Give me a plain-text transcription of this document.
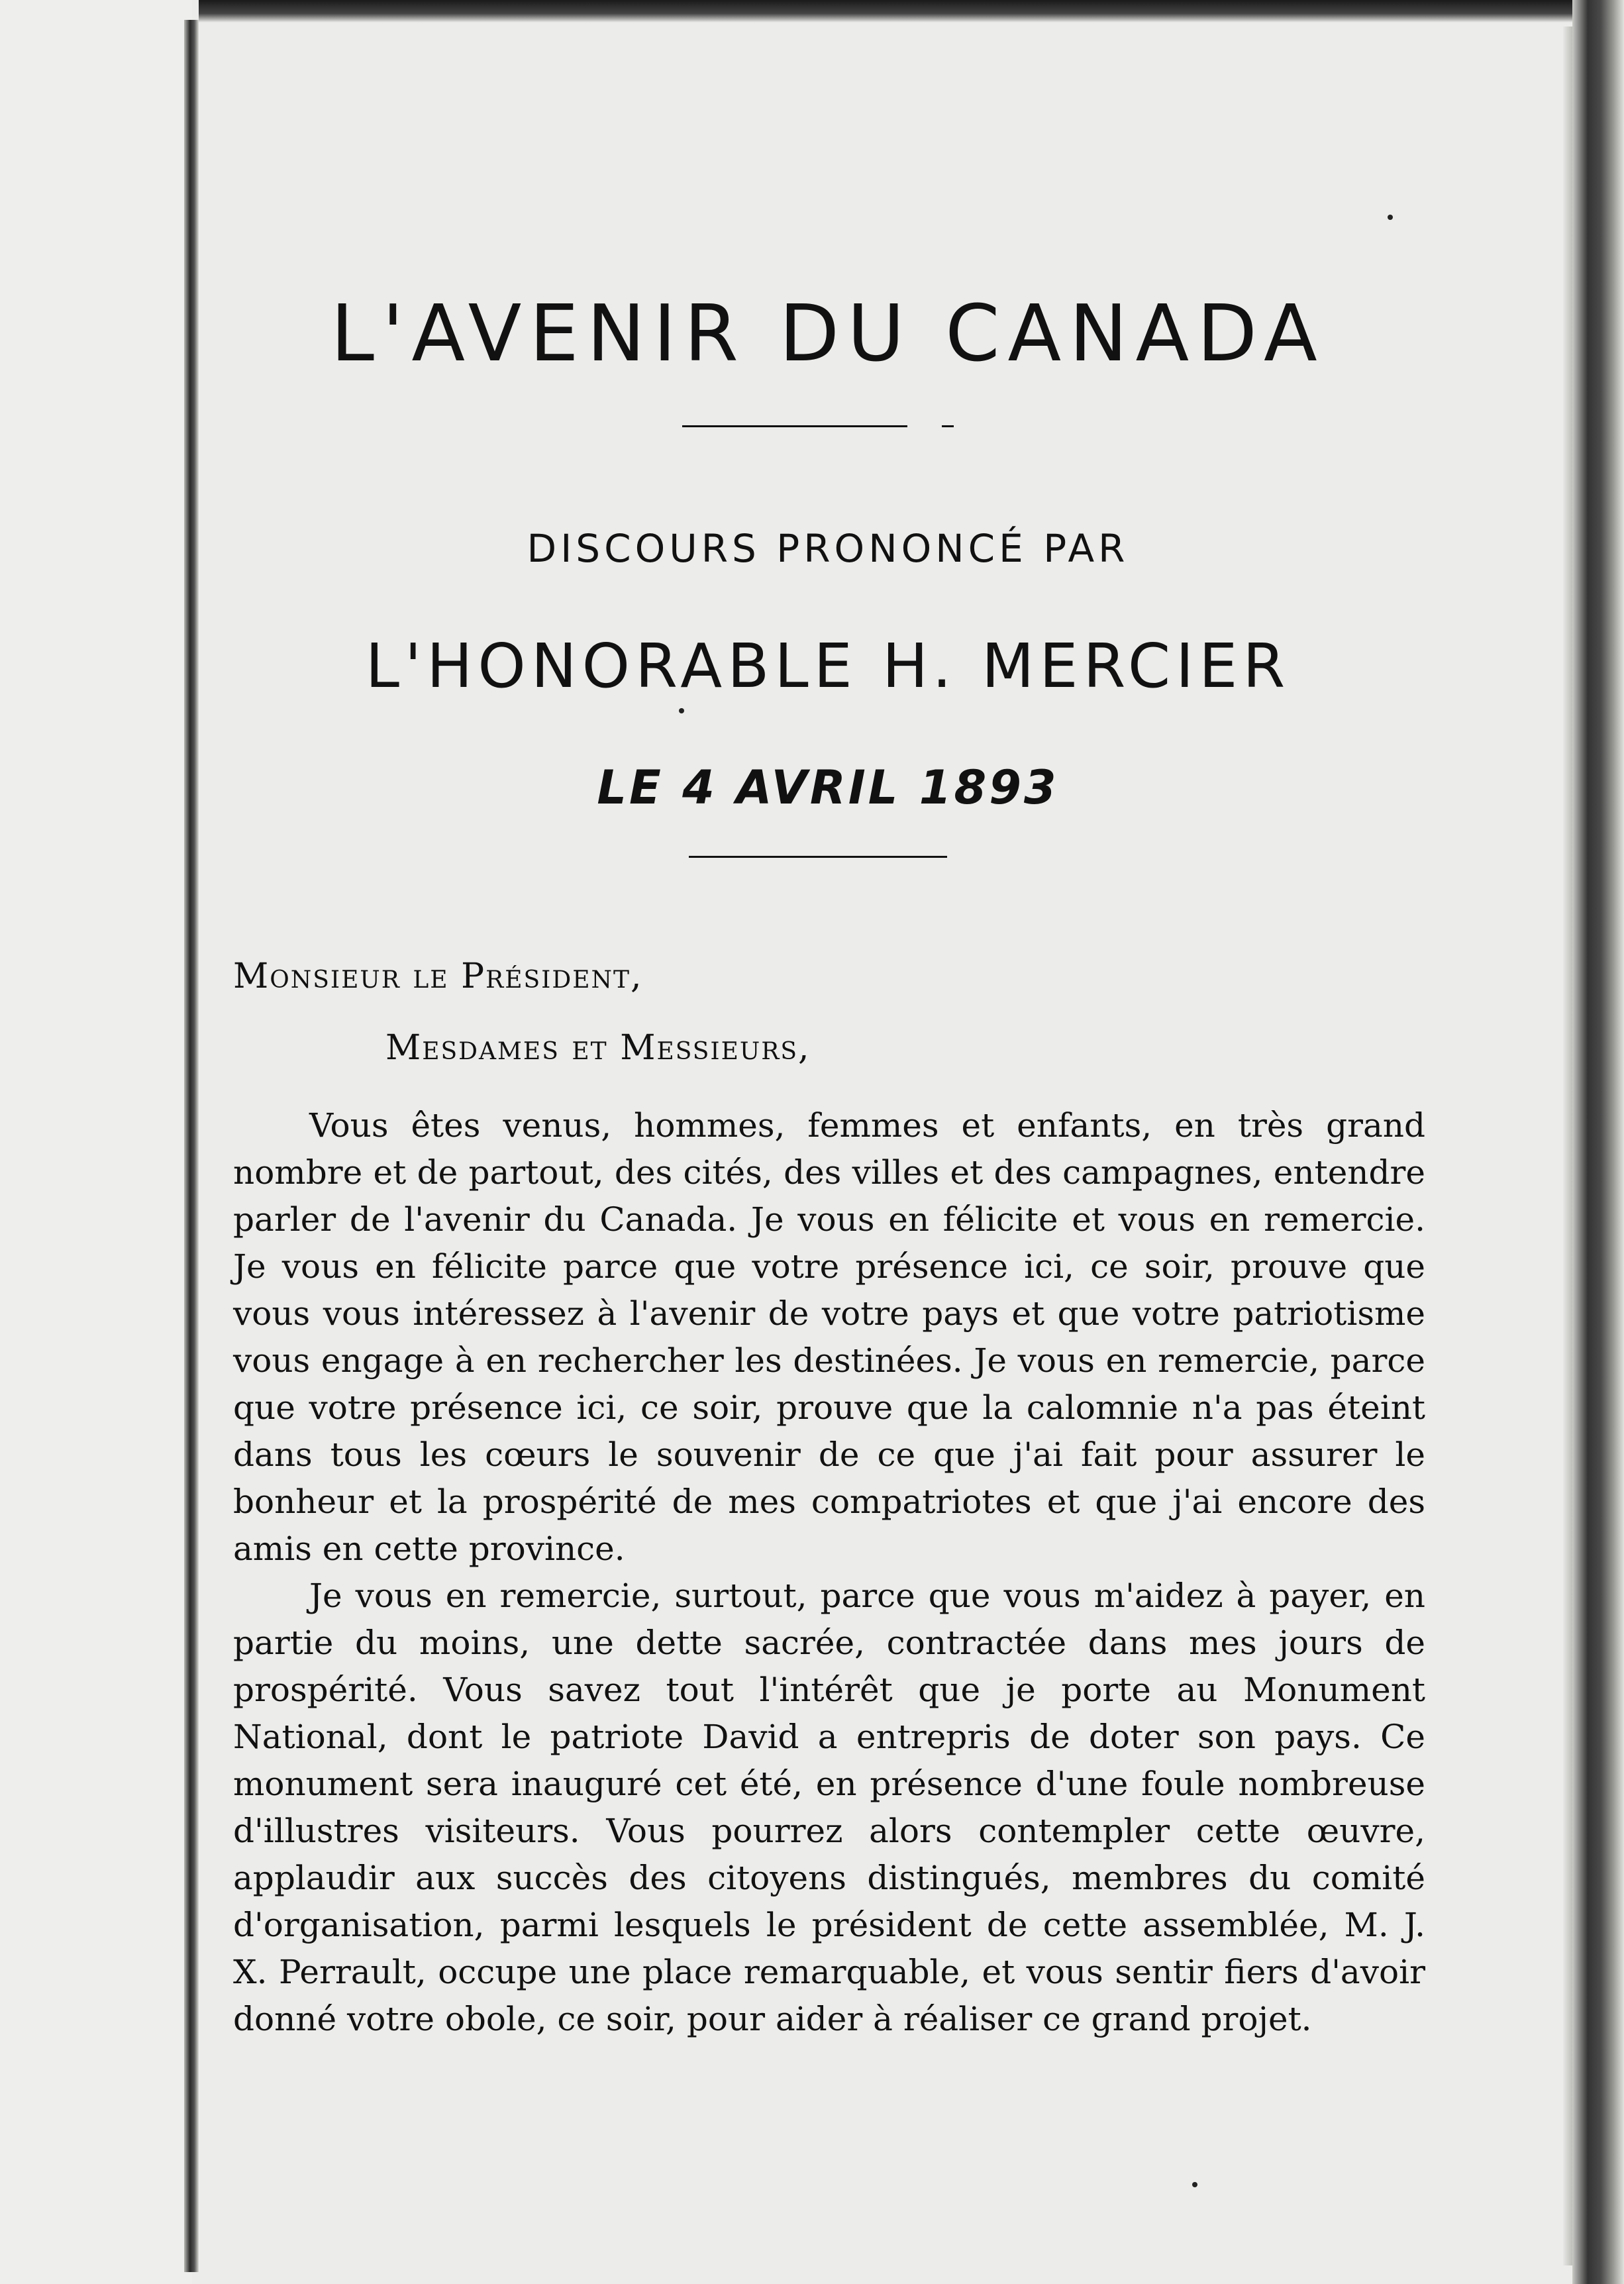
L'AVENIR DU CANADA
DISCOURS PRONONCÉ PAR
L'HONORABLE H. MERCIER
LE 4 AVRIL 1893
Monsieur le Président,
Mesdames et Messieurs,

Vous êtes venus, hommes, femmes et enfants, en très grand nombre et de partout, des cités, des villes et des campagnes, entendre parler de l'avenir du Canada. Je vous en félicite et vous en remercie. Je vous en félicite parce que votre présence ici, ce soir, prouve que vous vous intéressez à l'avenir de votre pays et que votre patriotisme vous engage à en rechercher les destinées. Je vous en remercie, parce que votre présence ici, ce soir, prouve que la calomnie n'a pas éteint dans tous les cœurs le souvenir de ce que j'ai fait pour assurer le bonheur et la prospérité de mes compatriotes et que j'ai encore des amis en cette province.

Je vous en remercie, surtout, parce que vous m'aidez à payer, en partie du moins, une dette sacrée, contractée dans mes jours de prospérité. Vous savez tout l'intérêt que je porte au Monument National, dont le patriote David a entrepris de doter son pays. Ce monument sera inauguré cet été, en présence d'une foule nombreuse d'illustres visiteurs. Vous pourrez alors contempler cette œuvre, applaudir aux succès des citoyens distingués, membres du comité d'organisation, parmi lesquels le président de cette assemblée, M. J. X. Perrault, occupe une place remarquable, et vous sentir fiers d'avoir donné votre obole, ce soir, pour aider à réaliser ce grand projet.
